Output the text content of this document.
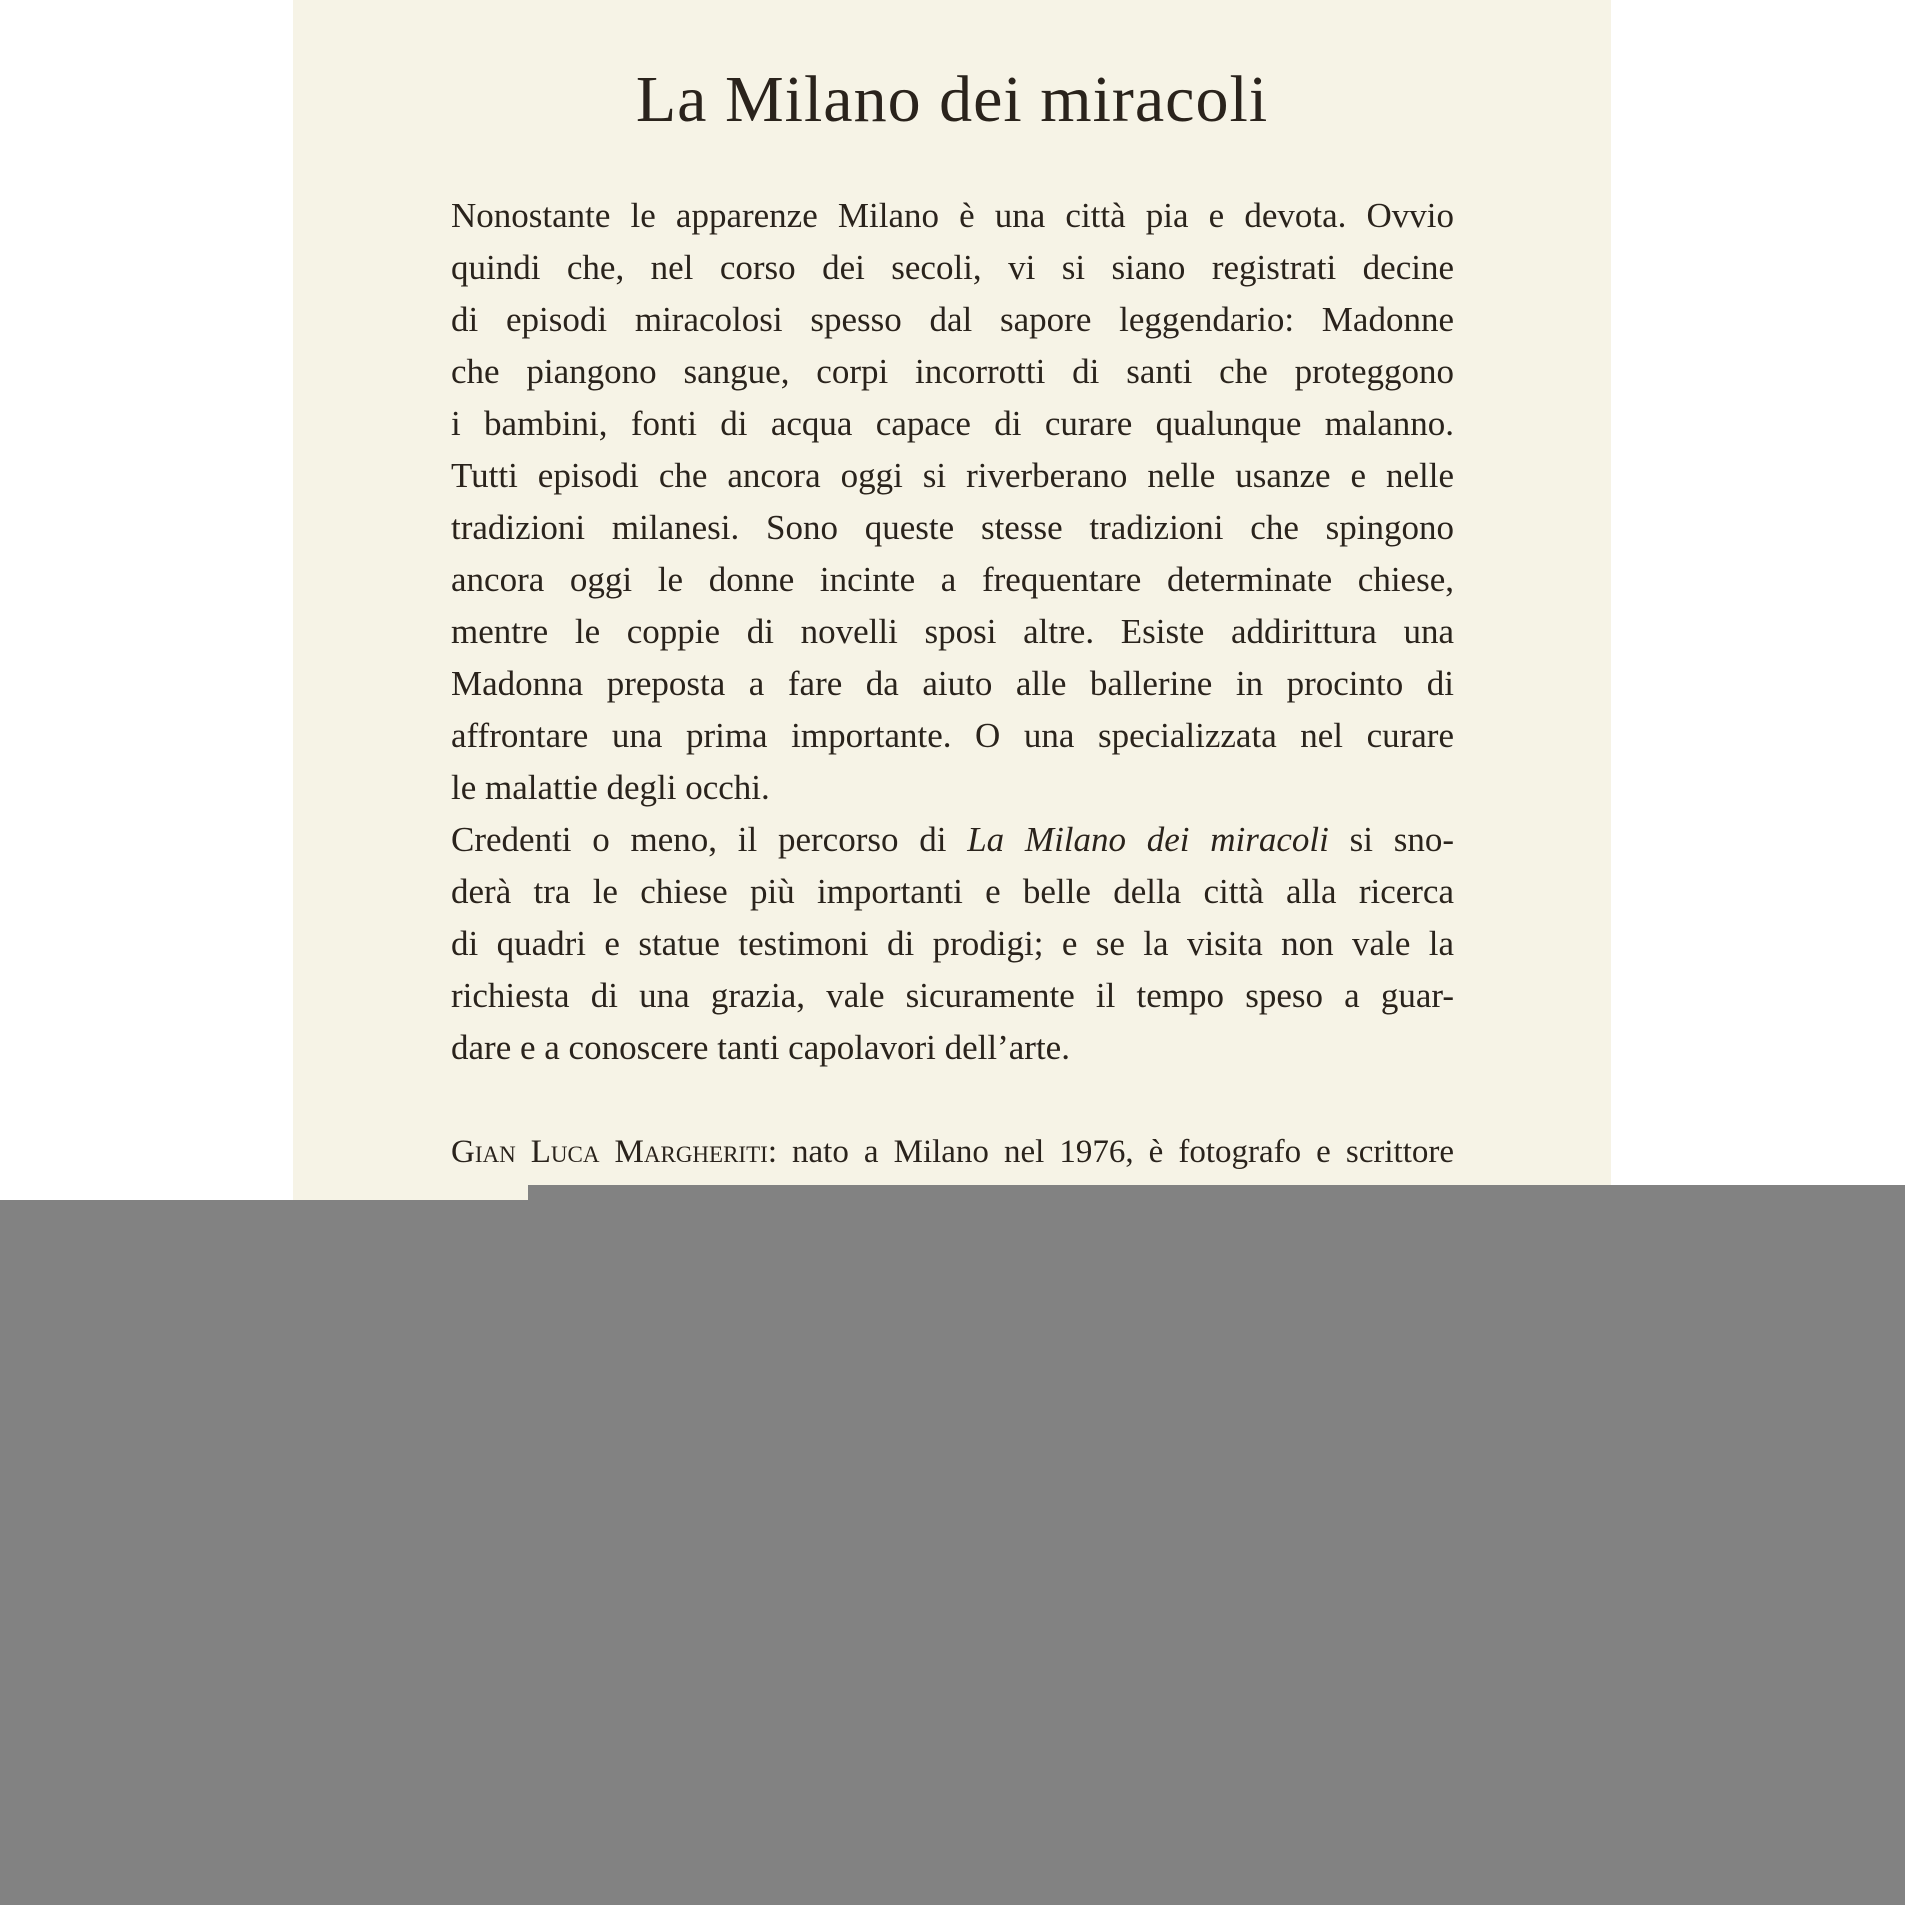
La Milano dei miracoli
Nonostante le apparenze Milano è una città pia e devota. Ovvio
quindi che, nel corso dei secoli, vi si siano registrati decine
di episodi miracolosi spesso dal sapore leggendario: Madonne
che piangono sangue, corpi incorrotti di santi che proteggono
i bambini, fonti di acqua capace di curare qualunque malanno.
Tutti episodi che ancora oggi si riverberano nelle usanze e nelle
tradizioni milanesi. Sono queste stesse tradizioni che spingono
ancora oggi le donne incinte a frequentare determinate chiese,
mentre le coppie di novelli sposi altre. Esiste addirittura una
Madonna preposta a fare da aiuto alle ballerine in procinto di
affrontare una prima importante. O una specializzata nel curare
le malattie degli occhi.
Credenti o meno, il percorso di La Milano dei miracoli si sno-
derà tra le chiese più importanti e belle della città alla ricerca
di quadri e statue testimoni di prodigi; e se la visita non vale la
richiesta di una grazia, vale sicuramente il tempo speso a guar-
dare e a conoscere tanti capolavori dell’arte.
Gian Luca Margheriti: nato a Milano nel 1976, è fotografo e scrittore
